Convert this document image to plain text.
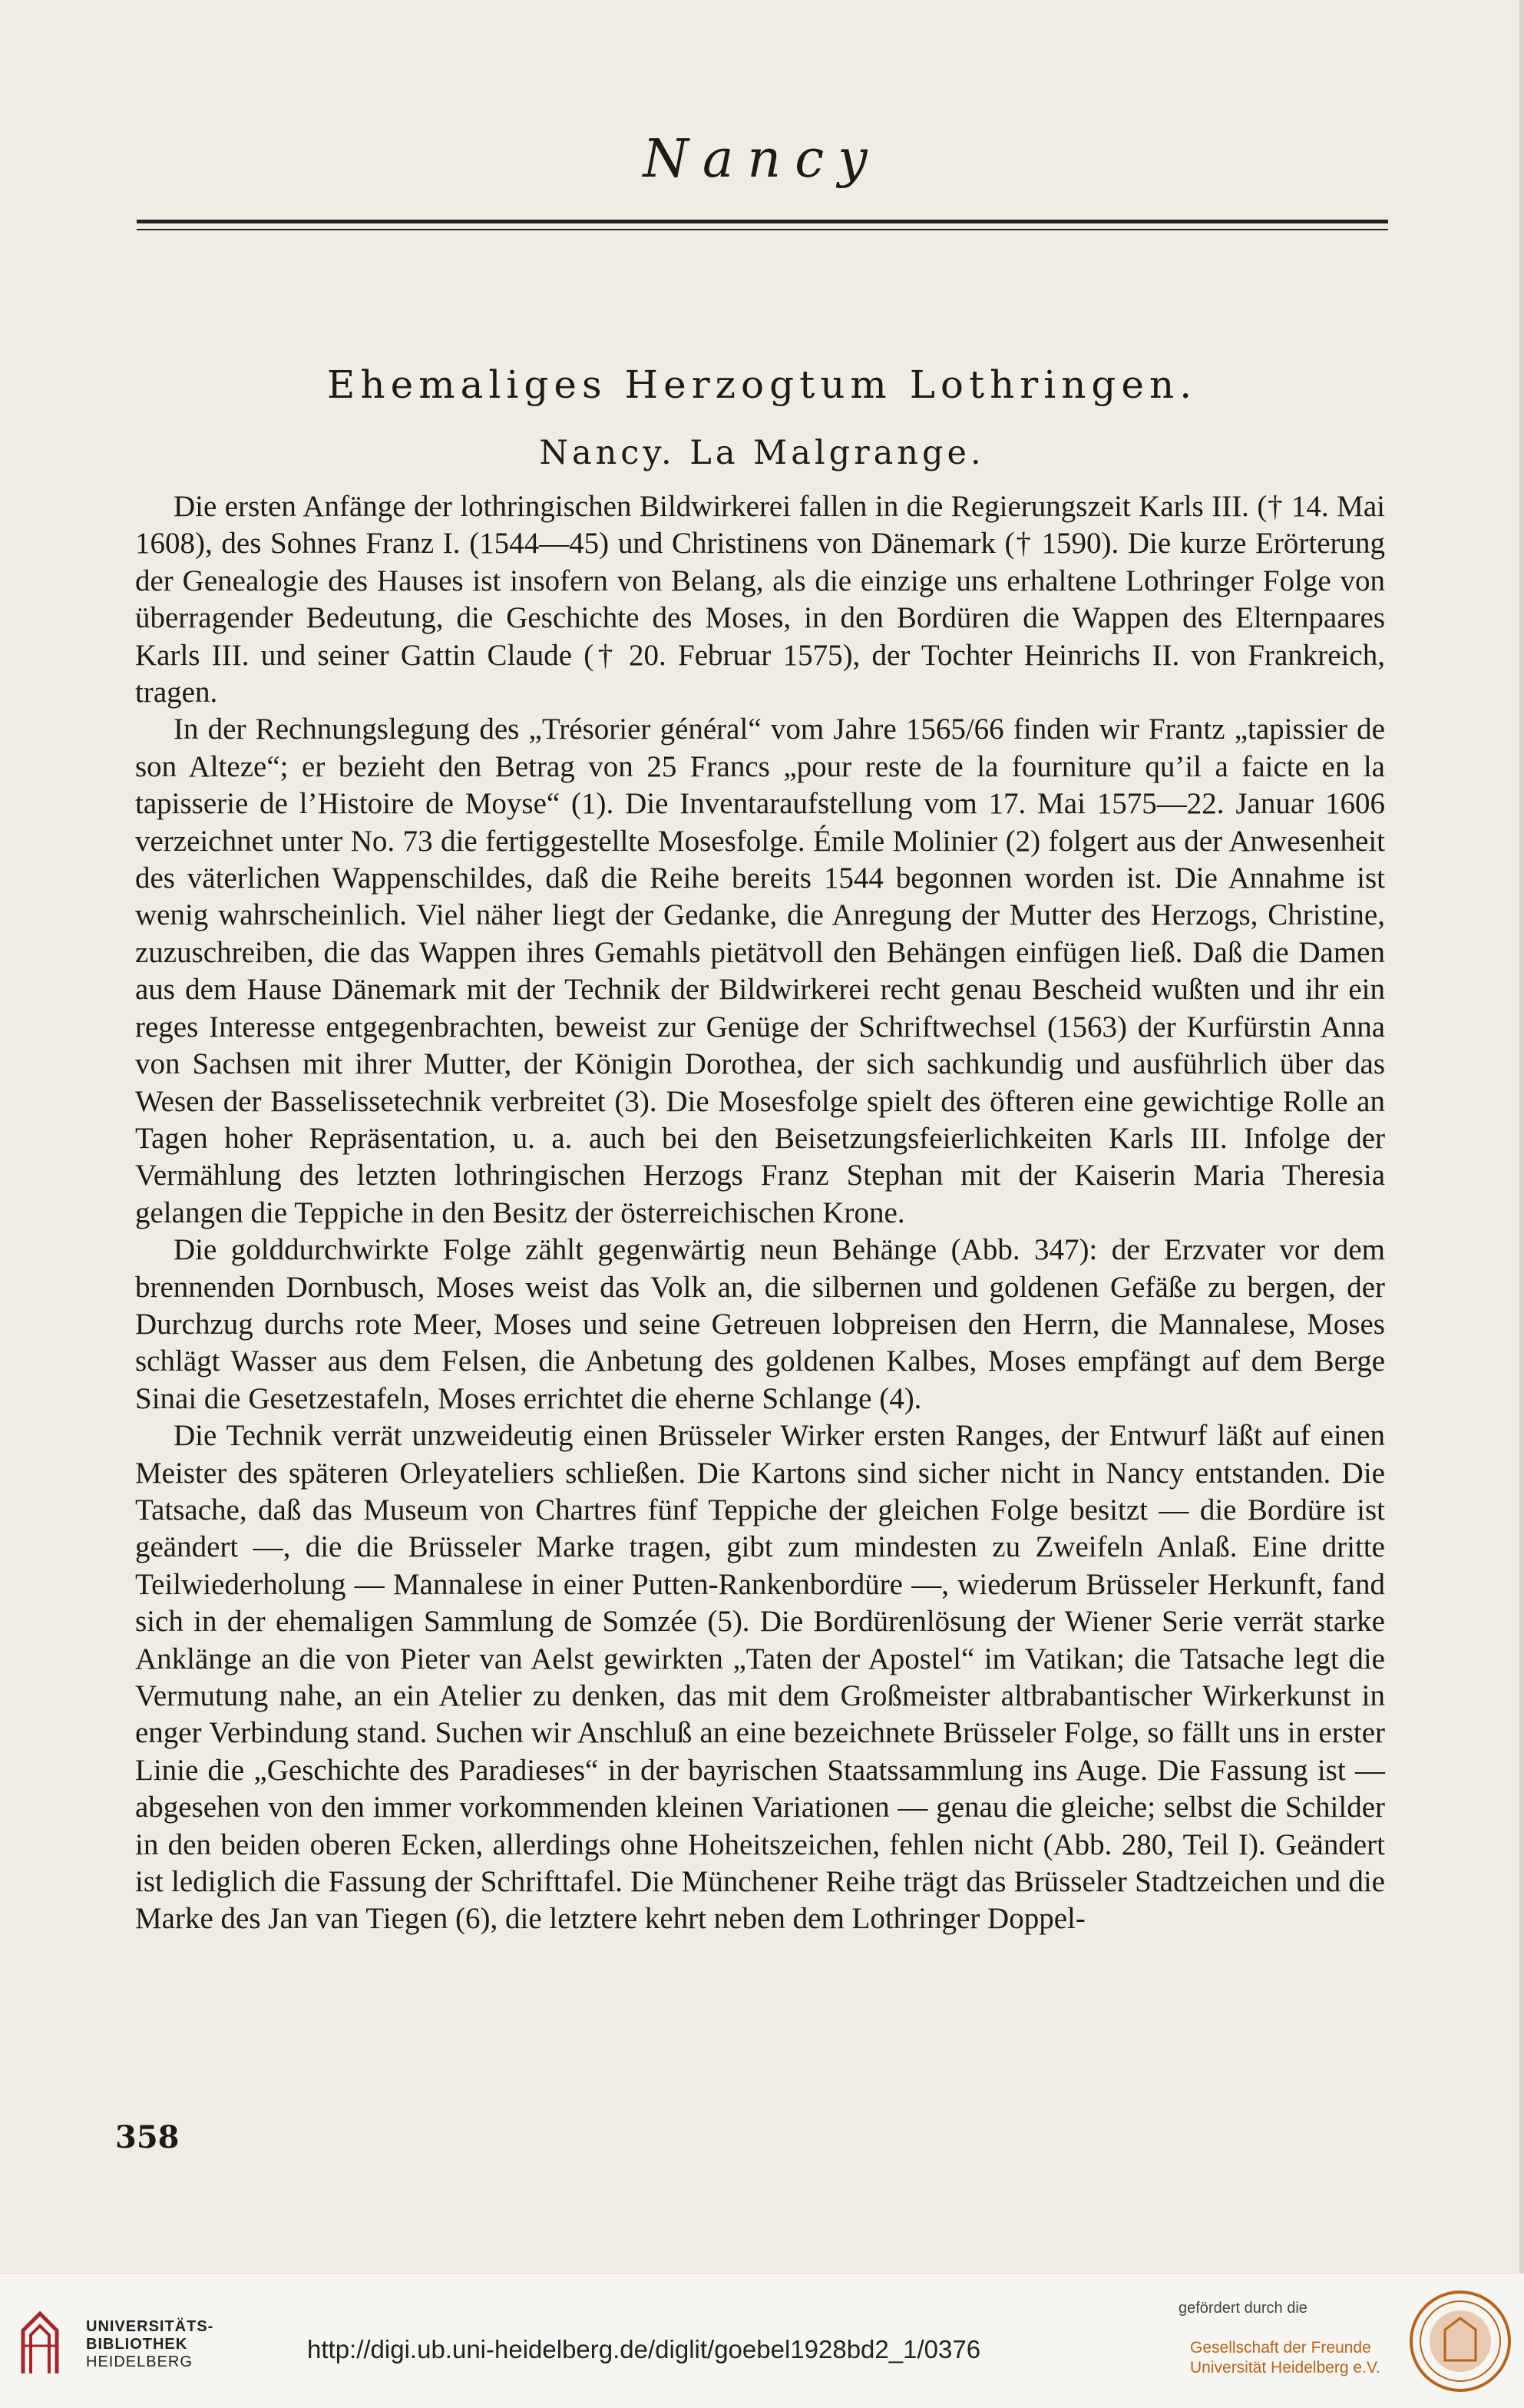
Nancy
Ehemaliges Herzogtum Lothringen.
Nancy. La Malgrange.

Die ersten Anfänge der lothringischen Bildwirkerei fallen in die Regierungszeit Karls III. († 14. Mai 1608), des Sohnes Franz I. (1544—45) und Christinens von Dänemark († 1590). Die kurze Erörterung der Genealogie des Hauses ist insofern von Belang, als die einzige uns erhaltene Lothringer Folge von überragender Bedeutung, die Geschichte des Moses, in den Bordüren die Wappen des Elternpaares Karls III. und seiner Gattin Claude († 20. Februar 1575), der Tochter Heinrichs II. von Frankreich, tragen.

In der Rechnungslegung des „Trésorier général“ vom Jahre 1565/66 finden wir Frantz „tapissier de son Alteze“; er bezieht den Betrag von 25 Francs „pour reste de la fourniture qu’il a faicte en la tapisserie de l’Histoire de Moyse“ (1). Die Inventaraufstellung vom 17. Mai 1575—22. Januar 1606 verzeichnet unter No. 73 die fertiggestellte Mosesfolge. Émile Molinier (2) folgert aus der Anwesenheit des väterlichen Wappenschildes, daß die Reihe bereits 1544 begonnen worden ist. Die Annahme ist wenig wahrscheinlich. Viel näher liegt der Gedanke, die Anregung der Mutter des Herzogs, Christine, zuzuschreiben, die das Wappen ihres Gemahls pietätvoll den Behängen einfügen ließ. Daß die Damen aus dem Hause Dänemark mit der Technik der Bildwirkerei recht genau Bescheid wußten und ihr ein reges Interesse entgegenbrachten, beweist zur Genüge der Schriftwechsel (1563) der Kurfürstin Anna von Sachsen mit ihrer Mutter, der Königin Dorothea, der sich sachkundig und ausführlich über das Wesen der Basselissetechnik verbreitet (3). Die Mosesfolge spielt des öfteren eine gewichtige Rolle an Tagen hoher Repräsentation, u. a. auch bei den Beisetzungsfeierlichkeiten Karls III. Infolge der Vermählung des letzten lothringischen Herzogs Franz Stephan mit der Kaiserin Maria Theresia gelangen die Teppiche in den Besitz der österreichischen Krone.

Die golddurchwirkte Folge zählt gegenwärtig neun Behänge (Abb. 347): der Erzvater vor dem brennenden Dornbusch, Moses weist das Volk an, die silbernen und goldenen Gefäße zu bergen, der Durchzug durchs rote Meer, Moses und seine Getreuen lobpreisen den Herrn, die Mannalese, Moses schlägt Wasser aus dem Felsen, die Anbetung des goldenen Kalbes, Moses empfängt auf dem Berge Sinai die Gesetzestafeln, Moses errichtet die eherne Schlange (4).

Die Technik verrät unzweideutig einen Brüsseler Wirker ersten Ranges, der Entwurf läßt auf einen Meister des späteren Orleyateliers schließen. Die Kartons sind sicher nicht in Nancy entstanden. Die Tatsache, daß das Museum von Chartres fünf Teppiche der gleichen Folge besitzt — die Bordüre ist geändert —, die die Brüsseler Marke tragen, gibt zum mindesten zu Zweifeln Anlaß. Eine dritte Teilwiederholung — Mannalese in einer Putten-Rankenbordüre —, wiederum Brüsseler Herkunft, fand sich in der ehemaligen Sammlung de Somzée (5). Die Bordürenlösung der Wiener Serie verrät starke Anklänge an die von Pieter van Aelst gewirkten „Taten der Apostel“ im Vatikan; die Tatsache legt die Vermutung nahe, an ein Atelier zu denken, das mit dem Großmeister altbrabantischer Wirkerkunst in enger Verbindung stand. Suchen wir Anschluß an eine bezeichnete Brüsseler Folge, so fällt uns in erster Linie die „Geschichte des Paradieses“ in der bayrischen Staatssammlung ins Auge. Die Fassung ist — abgesehen von den immer vorkommenden kleinen Variationen — genau die gleiche; selbst die Schilder in den beiden oberen Ecken, allerdings ohne Hoheitszeichen, fehlen nicht (Abb. 280, Teil I). Geändert ist lediglich die Fassung der Schrifttafel. Die Münchener Reihe trägt das Brüsseler Stadtzeichen und die Marke des Jan van Tiegen (6), die letztere kehrt neben dem Lothringer Doppel-

358
UNIVERSITÄTS-
BIBLIOTHEK
HEIDELBERG	http://digi.ub.uni-heidelberg.de/diglit/goebel1928bd2_1/0376
gefördert durch die
Gesellschaft der Freunde
Universität Heidelberg e.V.
